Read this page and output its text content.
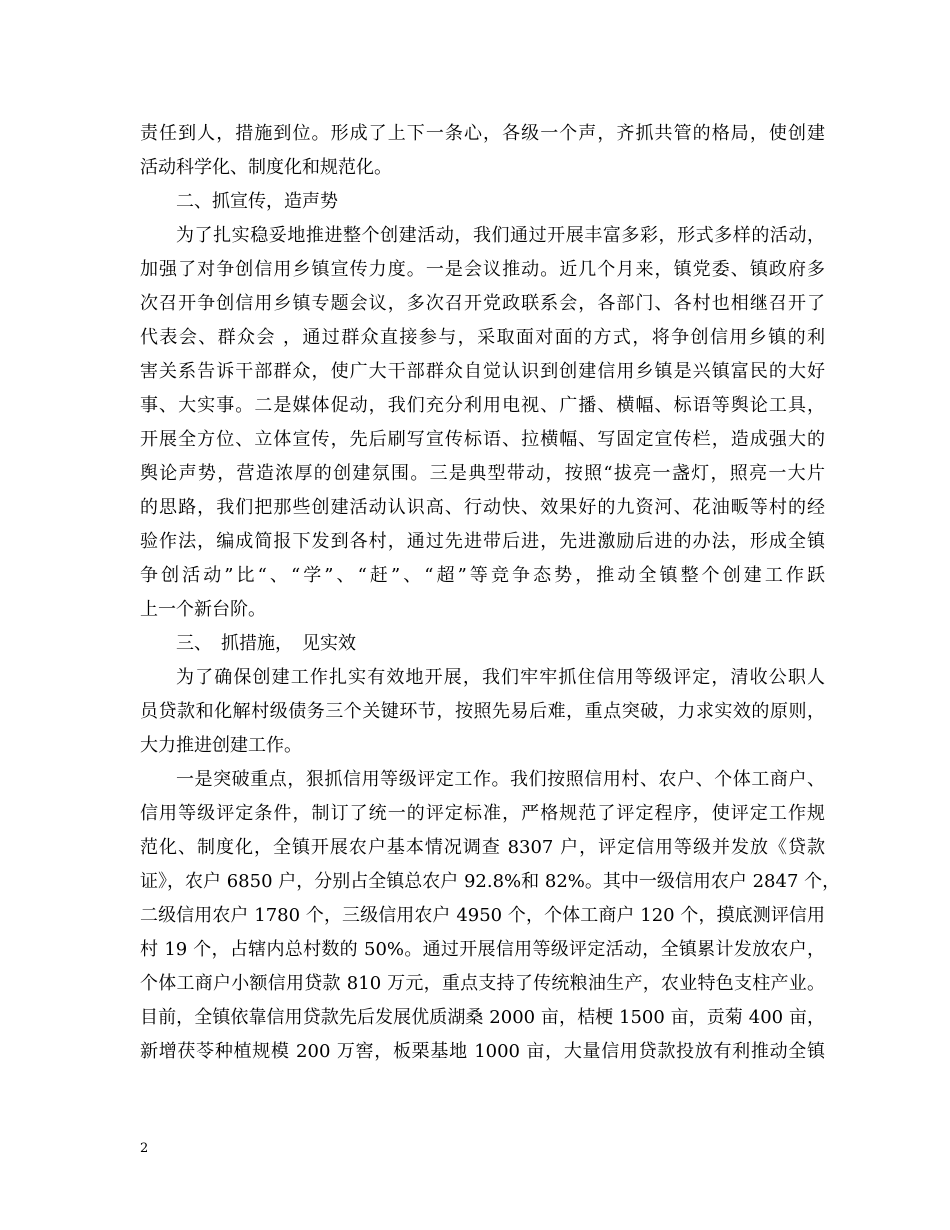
责任到人，措施到位。形成了上下一条心，各级一个声，齐抓共管的格局，使创建
活动科学化、制度化和规范化。
二、抓宣传，造声势
为了扎实稳妥地推进整个创建活动，我们通过开展丰富多彩，形式多样的活动，
加强了对争创信用乡镇宣传力度。一是会议推动。近几个月来，镇党委、镇政府多
次召开争创信用乡镇专题会议，多次召开党政联系会，各部门、各村也相继召开了
代表会、群众会 ，通过群众直接参与，采取面对面的方式，将争创信用乡镇的利
害关系告诉干部群众，使广大干部群众自觉认识到创建信用乡镇是兴镇富民的大好
事、大实事。二是媒体促动，我们充分利用电视、广播、横幅、标语等舆论工具，
开展全方位、立体宣传，先后刷写宣传标语、拉横幅、写固定宣传栏，造成强大的
舆论声势，营造浓厚的创建氛围。三是典型带动，按照“拔亮一盏灯，照亮一大片
的思路，我们把那些创建活动认识高、行动快、效果好的九资河、花油畈等村的经
验作法，编成简报下发到各村，通过先进带后进，先进激励后进的办法，形成全镇
争创活动”比“、“学”、“赶”、“超”等竞争态势，推动全镇整个创建工作跃
上一个新台阶。
三、　抓措施，　见实效
为了确保创建工作扎实有效地开展，我们牢牢抓住信用等级评定，清收公职人
员贷款和化解村级债务三个关键环节，按照先易后难，重点突破，力求实效的原则，
大力推进创建工作。
一是突破重点，狠抓信用等级评定工作。我们按照信用村、农户、个体工商户、
信用等级评定条件，制订了统一的评定标准，严格规范了评定程序，使评定工作规
范化、制度化，全镇开展农户基本情况调查 8307 户，评定信用等级并发放《贷款
证》，农户 6850 户，分别占全镇总农户 92.8%和 82%。其中一级信用农户 2847 个，
二级信用农户 1780 个，三级信用农户 4950 个，个体工商户 120 个，摸底测评信用
村 19 个，占辖内总村数的 50%。通过开展信用等级评定活动，全镇累计发放农户，
个体工商户小额信用贷款 810 万元，重点支持了传统粮油生产，农业特色支柱产业。
目前，全镇依靠信用贷款先后发展优质湖桑 2000 亩，桔梗 1500 亩，贡菊 400 亩，
新增茯苓种植规模 200 万窖，板栗基地 1000 亩，大量信用贷款投放有利推动全镇
2
